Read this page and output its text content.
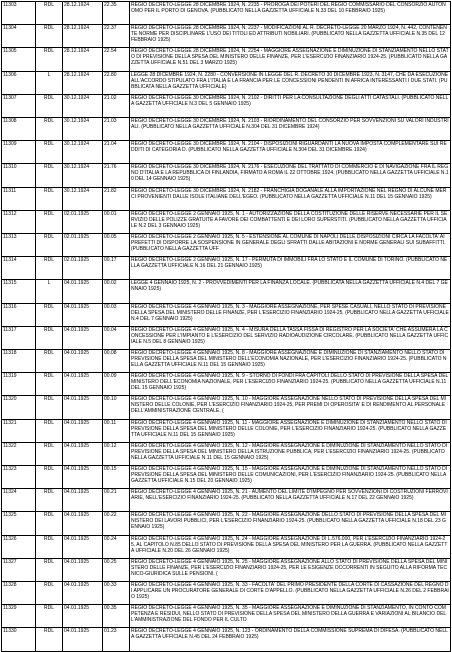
11303	RDL	28.12.1924	22.35	REGIO DECRETO-LEGGE 28 DICEMBRE 1924, N. 2235 - PROROGA DEI POTERI DEL REGIO COMMISSARIO DEL CONSORZIO AUTONOMO PER IL PORTO DI GENOVA. (PUBBLICATO NELLA GAZZETTA UFFICIALE N.33 DEL 10 FEBBRAIO 1925)

11304	RDL	28.12.1924	22.37	REGIO DECRETO-LEGGE 28 DICEMBRE 1924, N. 2237 - MODIFICAZIONI AL R. DECRETO-LEGGE 20 MARZO 1924, N. 442, CONTENENTE NORME PER DISCIPLINARE L'USO DEI TITOLI ED ATTRIBUTI NOBILIARI. (PUBBLICATO NELLA GAZZETTA UFFICIALE N.35 DEL 12 FEBBRAIO 1925)

11305	RDL	28.12.1924	22.54	REGIO DECRETO-LEGGE 28 DICEMBRE 1924, N. 2254 - MAGGIORE ASSEGNAZIONE E DIMINUZIONE DI STANZIAMENTO NELLO STATO DI PREVISIONE DELLA SPESA DEL MINISTERO DELLE FINANZE, PER L'ESERCIZIO FINANZIARIO 1924-25. (PUBBLICATO NELLA GAZZETTA UFFICIALE N.51 DEL 3 MARZO 1925)

11306	L	28.12.1924	22.80	LEGGE 28 DICEMBRE 1924, N. 2280 - CONVERSIONE IN LEGGE DEL R. DECRETO 30 DICEMBRE 1923, N. 3147, CHE DA ESECUZIONE ALL'ACCORDO STIPULATO FRA L'ITALIA E LA FRANCIA PER LE CONCESSIONI PENDENTI IN AFRICA INTERESSANTI I DUE STATI. (PUBBLICATA NELLA GAZZETTA UFFICIALE)

11307	RDL	30.12.1924	21.02	REGIO DECRETO-LEGGE 30 DICEMBRE 1924, N. 2102 - DIRITTI PER LA CONSULTAZIONE DEGLI ATTI CATASTALI. (PUBBLICATO NELLA GAZZETTA UFFICIALE N.3 DEL 5 GENNAIO 1925)

11308	RDL	30.12.1924	21.03	REGIO DECRETO-LEGGE 30 DICEMBRE 1924, N. 2103 - RIORDINAMENTO DEL CONSORZIO PER SOVVENZIONI SU VALORI INDUSTRIALI. (PUBBLICATO NELLA GAZZETTA UFFICIALE N.304 DEL 31 DICEMBRE 1924)

11309	RDL	30.12.1924	21.04	REGIO DECRETO-LEGGE 30 DICEMBRE 1924, N. 2104 - DISPOSIZIONI RIGUARDANTI LA NUOVA IMPOSTA COMPLEMENTARE SUI REDDITI DI CATEGORIA D. (PUBBLICATO NELLA GAZZETTA UFFICIALE N.304 DEL 31 DICEMBRE 1924)

11310	RDL	30.12.1924	21.76	REGIO DECRETO-LEGGE 30 DICEMBRE 1924, N. 2176 - ESECUZIONE DEL TRATTATO DI COMMERCIO E DI NAVIGAZIONE FRA IL REGNO D'ITALIA E LA REPUBBLICA DI FINLANDIA, FIRMATO A ROMA IL 22 OTTOBRE 1924. (PUBBLICATO NELLA GAZZETTA UFFICIALE N.10 DEL 14 GENNAIO 1925)

11311	RDL	30.12.1924	21.82	REGIO DECRETO-LEGGE 30 DICEMBRE 1924, N. 2182 - FRANCHIGIA DOGANALE ALLA IMPORTAZIONE NEL REGNO DI ALCUNE MERCI PROVENIENTI DALLE ISOLE ITALIANE DELL'EGEO. (PUBBLICATO NELLA GAZZETTA UFFICIALE N.11 DEL 15 GENNAIO 1925)

11312	RDL	02.01.1925	00.01	REGIO DECRETO-LEGGE 2 GENNAIO 1925, N. 1 - AUTORIZZAZIONE DELLA COSTITUZIONE DELLE RISERVE NECESSARIE PER IL SERVIZIO DELLE POLIZZE GRATUITE A FAVORE DEI COMBATTENTI E DEI LORO SUPERSTITI. (PUBBLICATO NELLA GAZZETTA UFFICIALE N.2 DEL 3 GENNAIO 1925)

11313	RDL	02.01.1925	00.05	REGIO DECRETO-LEGGE 2 GENNAIO 1925, N. 5 - ESTENSIONE AL COMUNE DI NAPOLI DELLE DISPOSIZIONI CIRCA LA FACOLTA' AI PREFETTI DI DISPORRE LA SOSPENSIONE IN GENERALE DEGLI SFRATTI DALLE ABITAZIONI E NORME GENERALI SUI SUBAFFITTI. (PUBBLICATO NELLA GAZZETTA UFF

11314	RDL	02.01.1925	00.17	REGIO DECRETO-LEGGE 2 GENNAIO 1925, N. 17 - PERMUTA DI IMMOBILI FRA LO STATO E IL COMUNE DI TORINO. (PUBBLICATO NELLA GAZZETTA UFFICIALE N.16 DEL 21 GENNAIO 1925)

11315	L	04.01.1925	00.02	LEGGE 4 GENNAIO 1925, N. 2 - PROVVEDIMENTI PER LA FINANZA LOCALE. (PUBBLICATA NELLA GAZZETTA UFFICIALE N.4 DEL 7 GENNAIO 1925)

11316	RDL	04.01.1925	00.03	REGIO DECRETO-LEGGE 4 GENNAIO 1925, N. 3 - MAGGIORE ASSEGNAZIONE, PER SPESE CASUALI, NELLO STATO DI PREVISIONE DELLA SPESA DEL MINISTERO DELLE FINANZE, PER L'ESERCIZIO FINANZIARIO 1924-25. (PUBBLICATO NELLA GAZZETTA UFFICIALE N.4 DEL 7 GENNAIO 1925)

11317	RDL	04.01.1925	00.04	REGIO DECRETO-LEGGE 4 GENNAIO 1925, N. 4 - MISURA DELLA TASSA FISSA DI REGISTRO PER LA SOCIETA' CHE ASSUMERA LA CONCESSIONE PER L'IMPIANTO E L'ESERCIZIO DEL SERVIZIO RADIOAUDIZIONE CIRCOLARE. (PUBBLICATO NELLA GAZZETTA UFFICIALE N.5 DEL 8 GENNAIO 1925)

11318	RDL	04.01.1925	00.08	REGIO DECRETO-LEGGE 4 GENNAIO 1925, N. 8 - MAGGIORE ASSEGNAZIONE E DIMINUZIONE DI STANZIAMENTO NELLO STATO DI PREVISIONE DELLA SPESA DEL MINISTERO DELL'ECONOMIA NAZIONALE, PER L'ESERCIZIO FINANZIARIO 1924-25. (PUBBLICATO NELLA GAZZETTA UFFICIALE N.11 DEL 15 GENNAIO 1925)

11319	RDL	04.01.1925	00.09	REGIO DECRETO-LEGGE 4 GENNAIO 1925, N. 9 - STORNO DI FONDI FRA CAPITOLI DELLO STATO DI PREVISIONE DELLA SPESA DEL MINISTERO DELL'ECONOMIA NAZIONALE, PER L'ESERCIZIO FINANZIARIO 1924-25. (PUBBLICATO NELLA GAZZETTA UFFICIALE N.11 DEL 15 GENNAIO 1925)

11320	RDL	04.01.1925	00.10	REGIO DECRETO-LEGGE 4 GENNAIO 1925, N. 10 - MAGGIORE ASSEGNAZIONE NELLO STATO DI PREVISIONE DELLA SPESA DEL MINISTERO DELLE COLONIE, PER L'ESERCIZIO FINANZIARIO 1924-25, PER PREMI DI OPEROSITA' E DI RENDIMENTO AL PERSONALE DELL'AMMINISTRAZIONE CENTRALE. (

11321	RDL	04.01.1925	00.11	REGIO DECRETO-LEGGE 4 GENNAIO 1925, N. 11 - MAGGIORE ASSEGNAZIONE E DIMINUZIONE DI STANZIAMENTO NELLO STATO DI PREVISIONE DELLA SPESA DEL MINISTERO DELLE COLONIE, PER L'ESERCIZIO FINANZIARIO 1924-25. (PUBBLICATO NELLA GAZZETTA UFFICIALE N.11 DEL 15 GENNAIO 1925)

11322	RDL	04.01.1925	00.12	REGIO DECRETO-LEGGE 4 GENNAIO 1925, N. 12 - MAGGIORE ASSEGNAZIONE E DIMINUZIONE DI STANZIAMENTO NELLO STATO DI PREVISIONE DELLA SPESA DEL MINISTERO DELLA ISTRUZIONE PUBBLICA, PER L'ESERCIZIO FINANZIARIO 1924-25. (PUBBLICATO NELLA GAZZETTA UFFICIALE N.11 DEL 15 GENNAIO 1925)

11323	RDL	04.01.1925	00.15	REGIO DECRETO-LEGGE 4 GENNAIO 1925, N. 15 - MAGGIORE ASSEGNAZIONE E DIMINUZIONE DI STANZIAMENTO NELLO STATO DI PREVISIONE DELLA SPESA DEL MINISTERO DELLE COMUNICAZIONI, PER L'ESERCIZIO FINANZIARIO 1924-25. (PUBBLICATO NELLA GAZZETTA UFFICIALE N.15 DEL 20 GENNAIO 1925)

11324	RDL	04.01.1925	00.21	REGIO DECRETO-LEGGE 4 GENNAIO 1925, N. 21 - AUMENTO DEL LIMITE D'IMPEGNO PER SOVVENZIONI DI COSTRUZIONI FERROVIARIE, NELL'ESERCIZIO FINANZIARIO 1924-25. (PUBBLICATO NELLA GAZZETTA UFFICIALE N.17 DEL 22 GENNAIO 1925)

11325	RDL	04.01.1925	00.22	REGIO DECRETO-LEGGE 4 GENNAIO 1925, N. 22 - MAGGIORE ASSEGNAZIONE DELLO STATO DI PREVISIONE DELLA SPESA DEL MINISTERO DEI LAVORI PUBBLICI, PER L'ESERCIZIO FINANZIARIO 1924-25. (PUBBLICATO NELLA GAZZETTA UFFICIALE N.18 DEL 23 GENNAIO 1925)

11326	RDL	04.01.1925	00.24	REGIO DECRETO-LEGGE 4 GENNAIO 1925, N. 24 - MAGGIORE ASSEGNAZIONE DI L.576.000, PER L'ESERCIZIO FINANZIARIO 1924-25, AL CAPITOLO N.85 DELLO STATO DI PREVISIONE DELLA SPESA DEL MINISTERO PER LA GUERRA. (PUBBLICATO NELLA GAZZETTA UFFICIALE N.20 DEL 26 GENNAIO 1925)

11327	RDL	04.01.1925	00.25	REGIO DECRETO-LEGGE 4 GENNAIO 1925, N. 25 - MAGGIORE ASSEGNAZIONE ALLO STATO DI PREVISIONE DELLA SPESA DEL MINISTERO DELLE FINANZE, PER L'ESERCIZIO FINANZIARIO 1924-25, PER LE ESIGENZE OCCORRENTI IN SEGUITO ALLA RIFORMA TECNICO-GIURIDICA SULLE PENSIONI. (

11328	RDL	04.01.1925	00.33	REGIO DECRETO-LEGGE 4 GENNAIO 1925, N. 33 - FACOLTA' DEL PRIMO PRESIDENTE DELLA CORTE DI CASSAZIONE DEL REGNO DI APPLICARE UN PROCURATORE GENERALE DI CORTE D'APPELLO. (PUBBLICATO NELLA GAZZETTA UFFICIALE N.26 DEL 2 FEBBRAIO 1925)

11329	RDL	04.01.1925	00.35	REGIO DECRETO-LEGGE 4 GENNAIO 1925, N. 35 - MAGGIORE ASSEGNAZIONE E DIMINUZIONE DI STANZIAMENTO, IN CONTO COMPETENZA E RESIDUI, NELLO STATO DI PREVISIONE DELLA SPESA DEL MINISTERO DELLA GUERRA E VARIAZIONI AL BILANCIO DELL'AMMINISTRAZIONE DEL FONDO PER IL CULTO

11330	RDL	04.01.1925	01.23	REGIO DECRETO-LEGGE 4 GENNAIO 1925, N. 123 - ORDINAMENTO DELLA COMMISSIONE SUPREMA DI DIFESA. (PUBBLICATO NELLA GAZZETTA UFFICIALE N.45 DEL 24 FEBBRAIO 1925)
